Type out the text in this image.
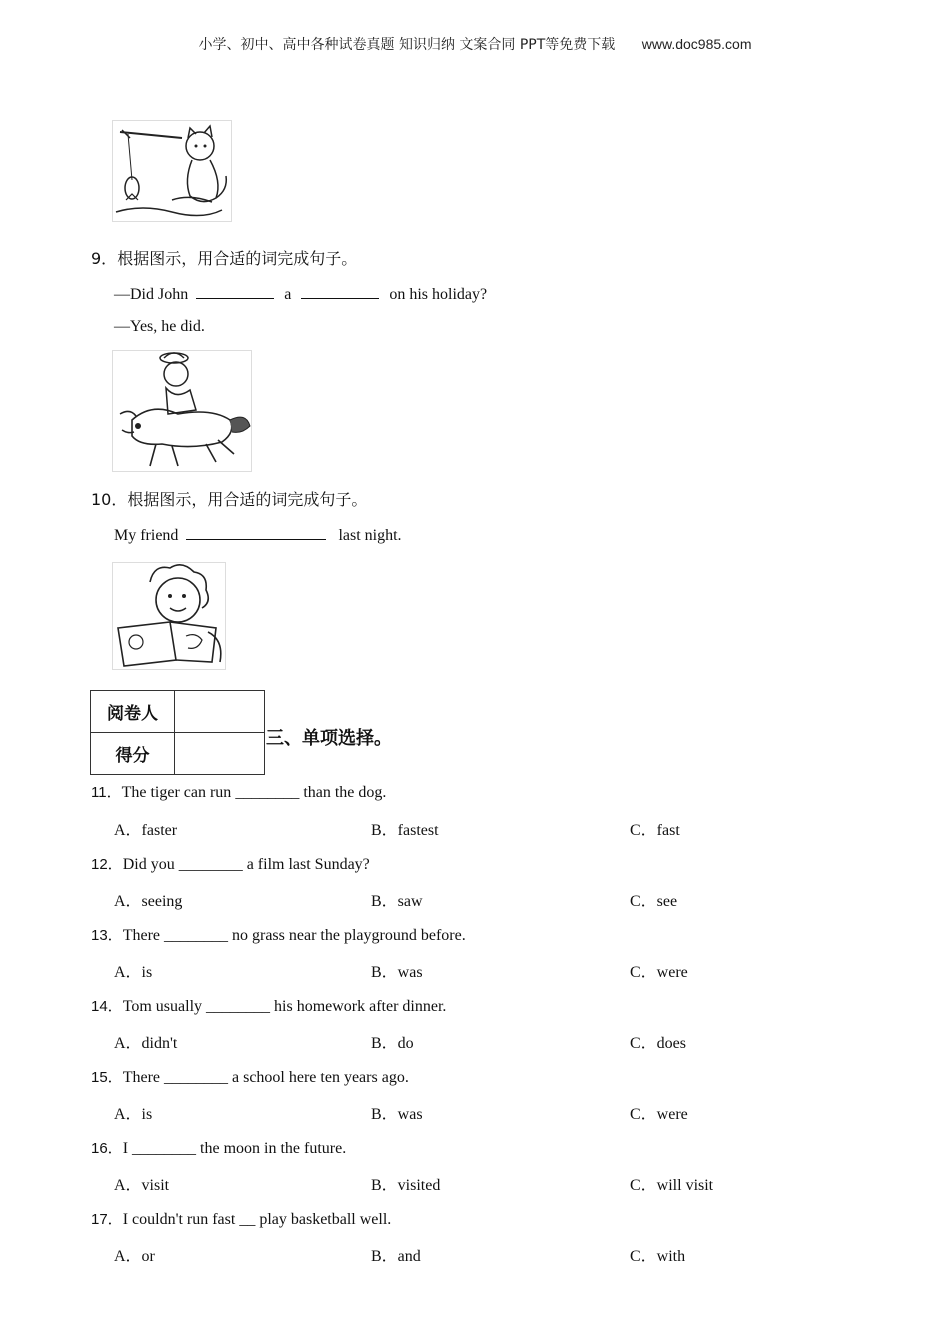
小学、初中、高中各种试卷真题 知识归纳 文案合同 PPT等免费下载 www.doc985.com
9．根据图示，用合适的词完成句子。
—Did John	a	on his holiday?
—Yes, he did.
10．根据图示，用合适的词完成句子。
My friend	last night.
阅卷人	
得分	
三、单项选择。
11．The tiger can run ________ than the dog.
A．faster	B．fastest	C．fast
12．Did you ________ a film last Sunday?
A．seeing	B．saw	C．see
13．There ________ no grass near the playground before.
A．is	B．was	C．were
14．Tom usually ________ his homework after dinner.
A．didn't	B．do	C．does
15．There ________ a school here ten years ago.
A．is	B．was	C．were
16．I ________ the moon in the future.
A．visit	B．visited	C．will visit
17．I couldn't run fast __ play basketball well.
A．or	B．and	C．with
